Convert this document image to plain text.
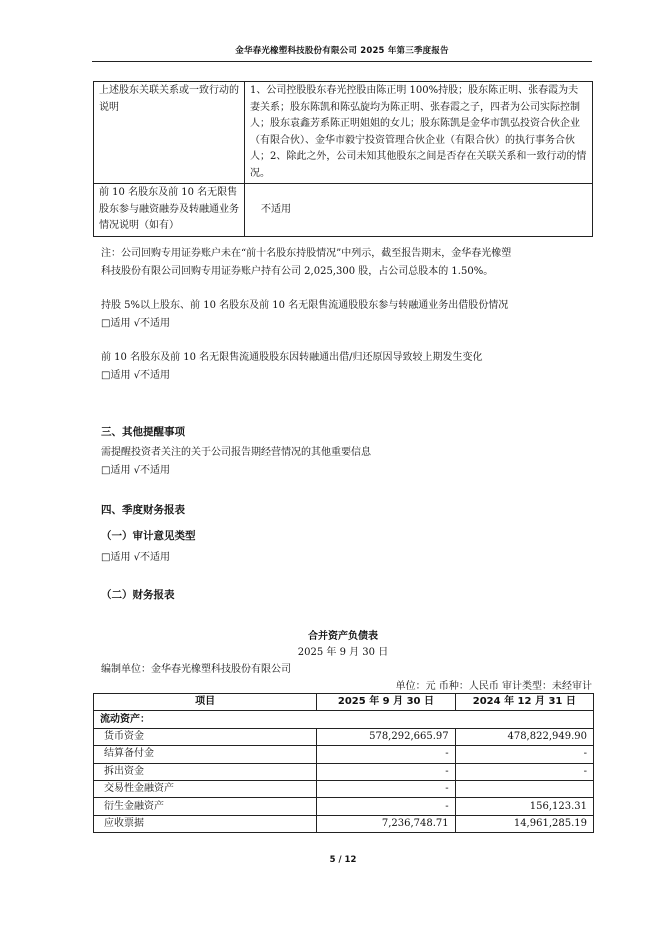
金华春光橡塑科技股份有限公司 2025 年第三季度报告
上述股东关联关系或一致行动的说明	1、公司控股股东春光控股由陈正明 100%持股；股东陈正明、张春霞为夫妻关系；股东陈凯和陈弘旋均为陈正明、张春霞之子，四者为公司实际控制人；股东袁鑫芳系陈正明姐姐的女儿；股东陈凯是金华市凯弘投资合伙企业（有限合伙）、金华市毅宁投资管理合伙企业（有限合伙）的执行事务合伙人；2、除此之外，公司未知其他股东之间是否存在关联关系和一致行动的情况。
前 10 名股东及前 10 名无限售股东参与融资融券及转融通业务情况说明（如有）	不适用
注：公司回购专用证券账户未在“前十名股东持股情况”中列示，截至报告期末，金华春光橡塑
科技股份有限公司回购专用证券账户持有公司 2,025,300 股，占公司总股本的 1.50%。
持股 5%以上股东、前 10 名股东及前 10 名无限售流通股股东参与转融通业务出借股份情况
□适用 √不适用
前 10 名股东及前 10 名无限售流通股股东因转融通出借/归还原因导致较上期发生变化
□适用 √不适用
三、其他提醒事项
需提醒投资者关注的关于公司报告期经营情况的其他重要信息
□适用 √不适用
四、季度财务报表
（一）审计意见类型
□适用 √不适用
（二）财务报表
合并资产负债表
2025 年 9 月 30 日
编制单位：金华春光橡塑科技股份有限公司
单位：元 币种：人民币 审计类型：未经审计
项目	2025 年 9 月 30 日	2024 年 12 月 31 日
流动资产：		
货币资金	578,292,665.97	478,822,949.90
结算备付金	-	-
拆出资金	-	-
交易性金融资产	-	
衍生金融资产	-	156,123.31
应收票据	7,236,748.71	14,961,285.19
5 / 12
